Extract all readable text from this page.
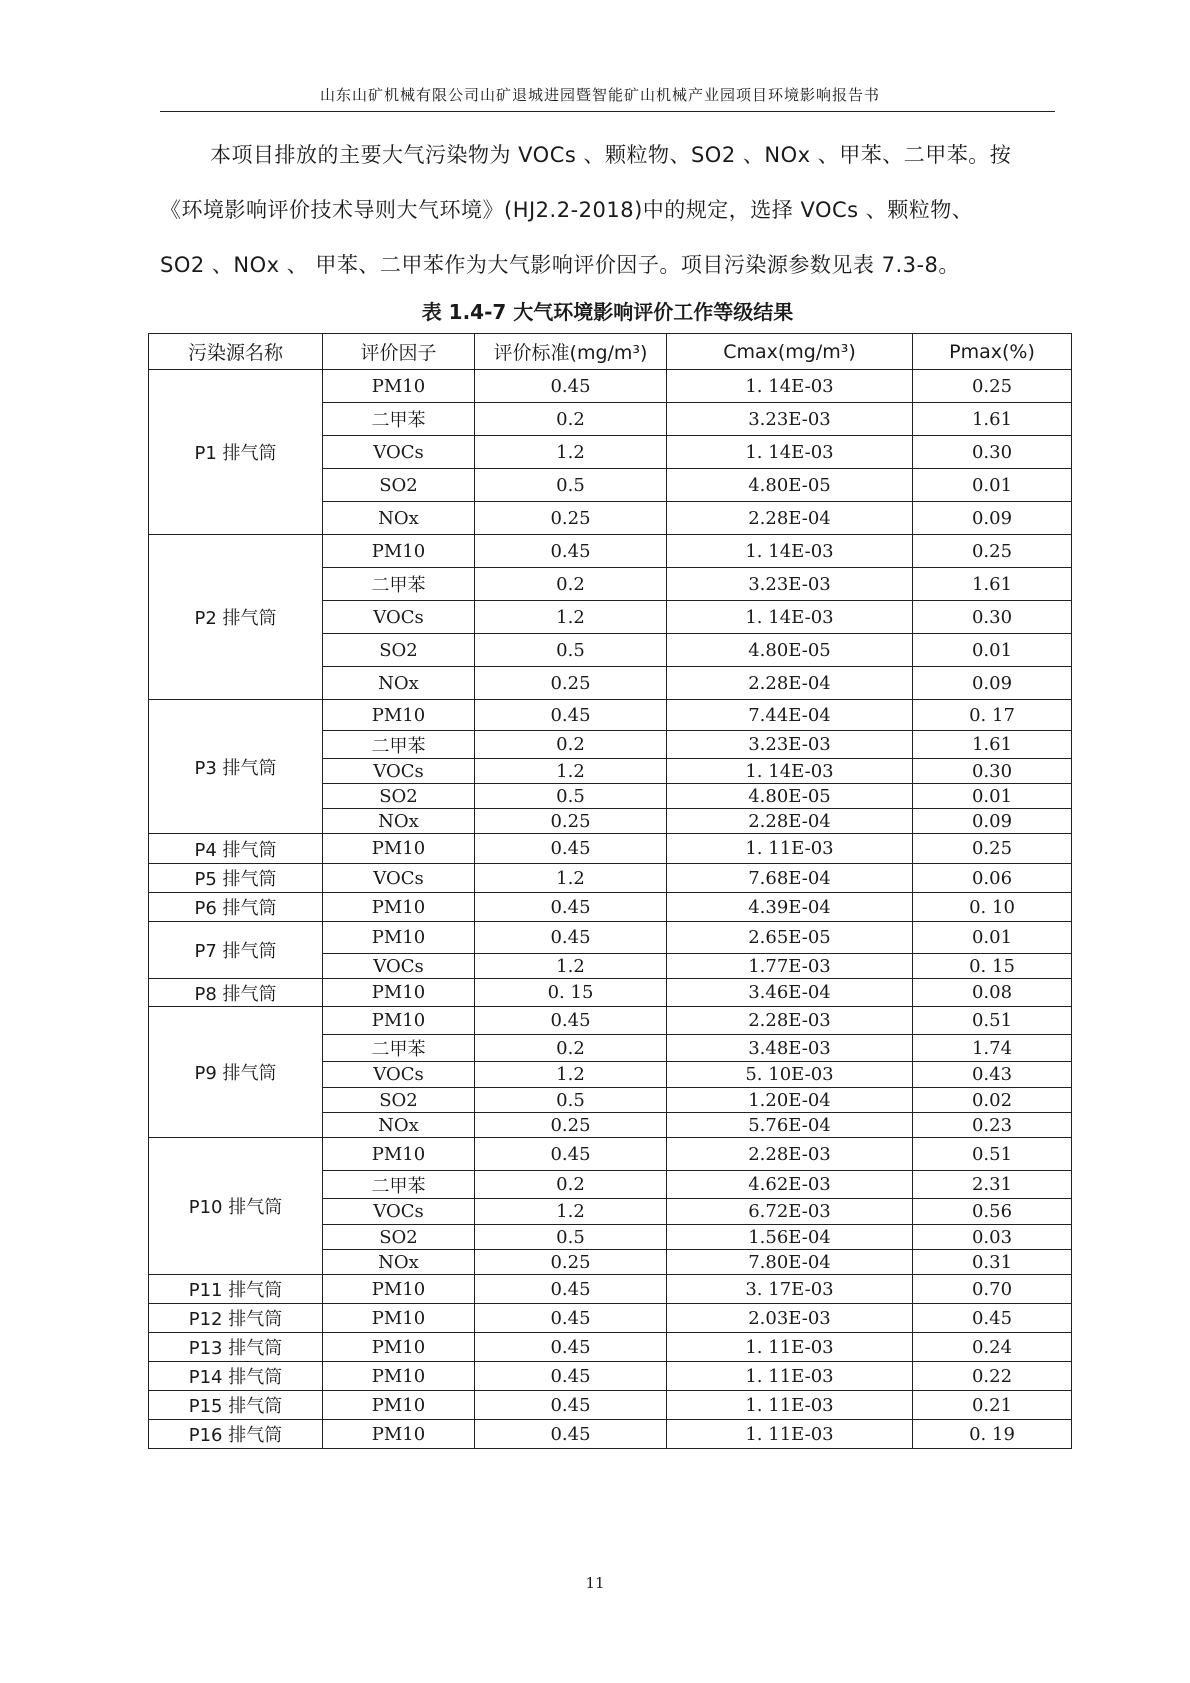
山东山矿机械有限公司山矿退城进园暨智能矿山机械产业园项目环境影响报告书
本项目排放的主要大气污染物为 VOCs 、颗粒物、SO2 、NOx 、甲苯、二甲苯。按
《环境影响评价技术导则大气环境》(HJ2.2-2018)中的规定，选择 VOCs 、颗粒物、
SO2 、NOx 、 甲苯、二甲苯作为大气影响评价因子。项目污染源参数见表 7.3-8。
表 1.4-7 大气环境影响评价工作等级结果
污染源名称	评价因子	评价标准(mg/m³)	Cmax(mg/m³)	Pmax(%)
P1 排气筒	PM10	0.45	1. 14E-03	0.25
	二甲苯	0.2	3.23E-03	1.61
	VOCs	1.2	1. 14E-03	0.30
	SO2	0.5	4.80E-05	0.01
	NOx	0.25	2.28E-04	0.09
P2 排气筒	PM10	0.45	1. 14E-03	0.25
	二甲苯	0.2	3.23E-03	1.61
	VOCs	1.2	1. 14E-03	0.30
	SO2	0.5	4.80E-05	0.01
	NOx	0.25	2.28E-04	0.09
P3 排气筒	PM10	0.45	7.44E-04	0. 17
	二甲苯	0.2	3.23E-03	1.61
	VOCs	1.2	1. 14E-03	0.30
	SO2	0.5	4.80E-05	0.01
	NOx	0.25	2.28E-04	0.09
P4 排气筒	PM10	0.45	1. 11E-03	0.25
P5 排气筒	VOCs	1.2	7.68E-04	0.06
P6 排气筒	PM10	0.45	4.39E-04	0. 10
P7 排气筒	PM10	0.45	2.65E-05	0.01
	VOCs	1.2	1.77E-03	0. 15
P8 排气筒	PM10	0. 15	3.46E-04	0.08
P9 排气筒	PM10	0.45	2.28E-03	0.51
	二甲苯	0.2	3.48E-03	1.74
	VOCs	1.2	5. 10E-03	0.43
	SO2	0.5	1.20E-04	0.02
	NOx	0.25	5.76E-04	0.23
P10 排气筒	PM10	0.45	2.28E-03	0.51
	二甲苯	0.2	4.62E-03	2.31
	VOCs	1.2	6.72E-03	0.56
	SO2	0.5	1.56E-04	0.03
	NOx	0.25	7.80E-04	0.31
P11 排气筒	PM10	0.45	3. 17E-03	0.70
P12 排气筒	PM10	0.45	2.03E-03	0.45
P13 排气筒	PM10	0.45	1. 11E-03	0.24
P14 排气筒	PM10	0.45	1. 11E-03	0.22
P15 排气筒	PM10	0.45	1. 11E-03	0.21
P16 排气筒	PM10	0.45	1. 11E-03	0. 19
11
